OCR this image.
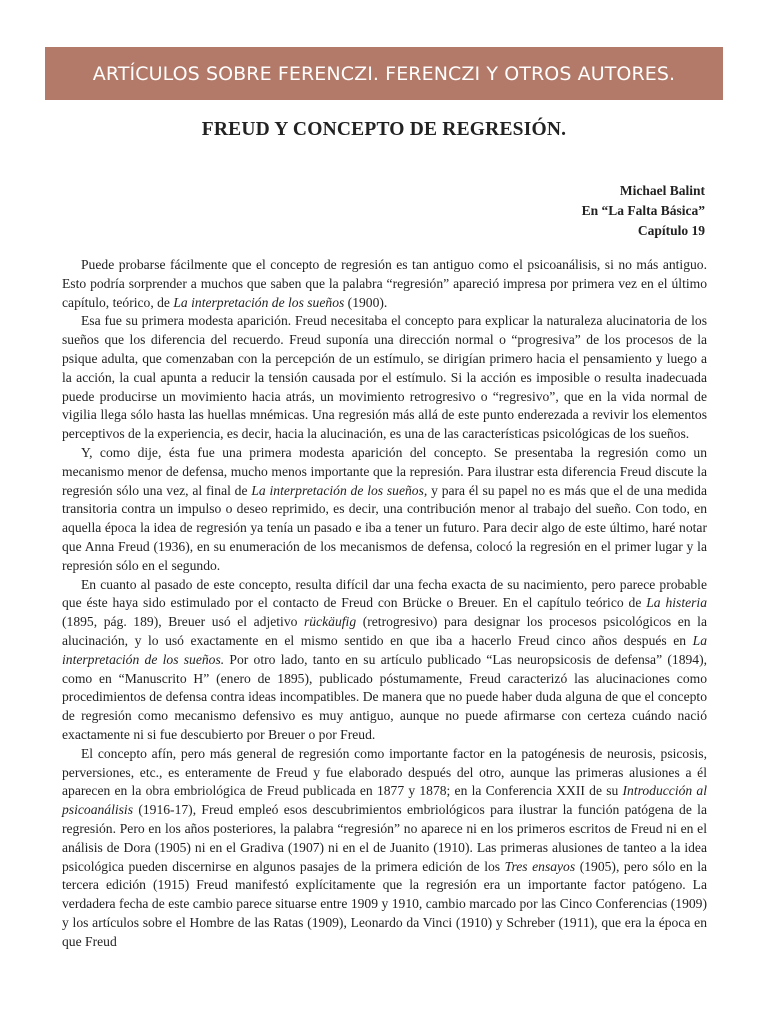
ARTÍCULOS SOBRE FERENCZI. FERENCZI Y OTROS AUTORES.
FREUD Y CONCEPTO DE REGRESIÓN.
Michael Balint
En “La Falta Básica”
Capítulo 19

Puede probarse fácilmente que el concepto de regresión es tan antiguo como el psicoanálisis, si no más antiguo. Esto podría sorprender a muchos que saben que la palabra “regresión” apareció impresa por primera vez en el último capítulo, teórico, de La interpretación de los sueños (1900).

Esa fue su primera modesta aparición. Freud necesitaba el concepto para explicar la naturaleza alucinatoria de los sueños que los diferencia del recuerdo. Freud suponía una dirección normal o “progresiva” de los procesos de la psique adulta, que comenzaban con la percepción de un estímulo, se dirigían primero hacia el pensamiento y luego a la acción, la cual apunta a reducir la tensión causada por el estímulo. Si la acción es imposible o resulta inadecuada puede producirse un movimiento hacia atrás, un movimiento retrogresivo o “regresivo”, que en la vida normal de vigilia llega sólo hasta las huellas mnémicas. Una regresión más allá de este punto enderezada a revivir los elementos perceptivos de la experiencia, es decir, hacia la alucinación, es una de las características psicológicas de los sueños.

Y, como dije, ésta fue una primera modesta aparición del concepto. Se presentaba la regresión como un mecanismo menor de defensa, mucho menos importante que la represión. Para ilustrar esta diferencia Freud discute la regresión sólo una vez, al final de La interpretación de los sueños, y para él su papel no es más que el de una medida transitoria contra un impulso o deseo reprimido, es decir, una contribución menor al trabajo del sueño. Con todo, en aquella época la idea de regresión ya tenía un pasado e iba a tener un futuro. Para decir algo de este último, haré notar que Anna Freud (1936), en su enumeración de los mecanismos de defensa, colocó la regresión en el primer lugar y la represión sólo en el segundo.

En cuanto al pasado de este concepto, resulta difícil dar una fecha exacta de su nacimiento, pero parece probable que éste haya sido estimulado por el contacto de Freud con Brücke o Breuer. En el capítulo teórico de La histeria (1895, pág. 189), Breuer usó el adjetivo rückäufig (retrogresivo) para designar los procesos psicológicos en la alucinación, y lo usó exactamente en el mismo sentido en que iba a hacerlo Freud cinco años después en La interpretación de los sueños. Por otro lado, tanto en su artículo publicado “Las neuropsicosis de defensa” (1894), como en “Manuscrito H” (enero de 1895), publicado póstumamente, Freud caracterizó las alucinaciones como procedimientos de defensa contra ideas incompatibles. De manera que no puede haber duda alguna de que el concepto de regresión como mecanismo defensivo es muy antiguo, aunque no puede afirmarse con certeza cuándo nació exactamente ni si fue descubierto por Breuer o por Freud.

El concepto afín, pero más general de regresión como importante factor en la patogénesis de neurosis, psicosis, perversiones, etc., es enteramente de Freud y fue elaborado después del otro, aunque las primeras alusiones a él aparecen en la obra embriológica de Freud publicada en 1877 y 1878; en la Conferencia XXII de su Introducción al psicoanálisis (1916-17), Freud empleó esos descubrimientos embriológicos para ilustrar la función patógena de la regresión. Pero en los años posteriores, la palabra “regresión” no aparece ni en los primeros escritos de Freud ni en el análisis de Dora (1905) ni en el Gradiva (1907) ni en el de Juanito (1910). Las primeras alusiones de tanteo a la idea psicológica pueden discernirse en algunos pasajes de la primera edición de los Tres ensayos (1905), pero sólo en la tercera edición (1915) Freud manifestó explícitamente que la regresión era un importante factor patógeno. La verdadera fecha de este cambio parece situarse entre 1909 y 1910, cambio marcado por las Cinco Conferencias (1909) y los artículos sobre el Hombre de las Ratas (1909), Leonardo da Vinci (1910) y Schreber (1911), que era la época en que Freud
